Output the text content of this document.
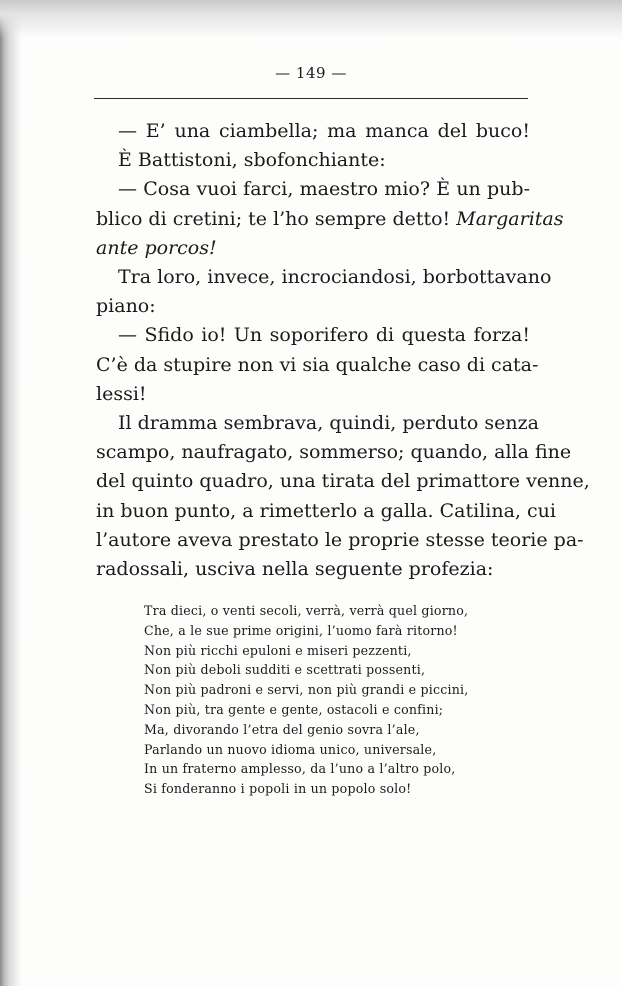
— 149 —
— E’ una ciambella; ma manca del buco!
È Battistoni, sbofonchiante:
— Cosa vuoi farci, maestro mio? È un pub-
blico di cretini; te l’ho sempre detto! Margaritas
ante porcos!
Tra loro, invece, incrociandosi, borbottavano
piano:
— Sfido io! Un soporifero di questa forza!
C’è da stupire non vi sia qualche caso di cata-
lessi!
Il dramma sembrava, quindi, perduto senza
scampo, naufragato, sommerso; quando, alla fine
del quinto quadro, una tirata del primattore venne,
in buon punto, a rimetterlo a galla. Catilina, cui
l’autore aveva prestato le proprie stesse teorie pa-
radossali, usciva nella seguente profezia:
Tra dieci, o venti secoli, verrà, verrà quel giorno,
Che, a le sue prime origini, l’uomo farà ritorno!
Non più ricchi epuloni e miseri pezzenti,
Non più deboli sudditi e scettrati possenti,
Non più padroni e servi, non più grandi e piccini,
Non più, tra gente e gente, ostacoli e confini;
Ma, divorando l’etra del genio sovra l’ale,
Parlando un nuovo idioma unico, universale,
In un fraterno amplesso, da l’uno a l’altro polo,
Si fonderanno i popoli in un popolo solo!
